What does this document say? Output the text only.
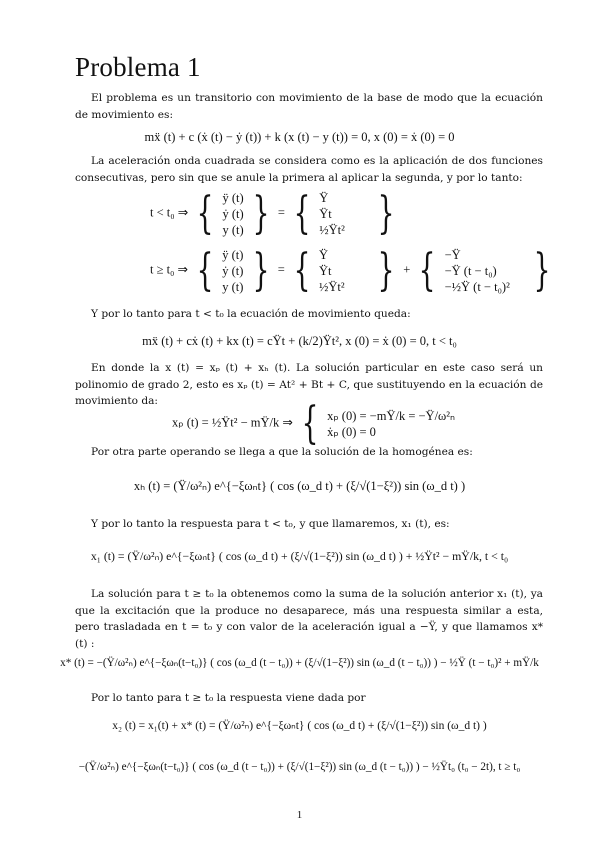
Problema 1

El problema es un transitorio con movimiento de la base de modo que la ecuación de movimiento es:

mẍ (t) + c (ẋ (t) − ẏ (t)) + k (x (t) − y (t)) = 0, x (0) = ẋ (0) = 0

La aceleración onda cuadrada se considera como es la aplicación de dos funciones consecutivas, pero sin que se anule la primera al aplicar la segunda, y por lo tanto:

t < t₀ ⇒ { ÿ (t)
ẏ (t)
y (t) } = { Ÿ
Ÿt
½Ÿt² }
t ≥ t₀ ⇒ { ÿ (t)
ẏ (t)
y (t) } = { Ÿ
Ÿt
½Ÿt² } + { −Ÿ
−Ÿ (t − t₀)
−½Ÿ (t − t₀)² }

Y por lo tanto para t < t₀ la ecuación de movimiento queda:

mẍ (t) + cẋ (t) + kx (t) = cŸt + (k/2)Ÿt², x (0) = ẋ (0) = 0, t < t₀

En donde la x (t) = xₚ (t) + xₕ (t). La solución particular en este caso será un polinomio de grado 2, esto es xₚ (t) = At² + Bt + C, que sustituyendo en la ecuación de movimiento da:

xₚ (t) = ½Ÿt² − mŸ/k ⇒ { xₚ (0) = −mŸ/k = −Ÿ/ω²ₙ
ẋₚ (0) = 0

Por otra parte operando se llega a que la solución de la homogénea es:

xₕ (t) = (Ÿ/ω²ₙ) e^{−ξωₙt} ( cos (ω_d t) + (ξ/√(1−ξ²)) sin (ω_d t) )

Y por lo tanto la respuesta para t < t₀, y que llamaremos, x₁ (t), es:

x₁ (t) = (Ÿ/ω²ₙ) e^{−ξωₙt} ( cos (ω_d t) + (ξ/√(1−ξ²)) sin (ω_d t) ) + ½Ÿt² − mŸ/k, t < t₀

La solución para t ≥ t₀ la obtenemos como la suma de la solución anterior x₁ (t), ya que la excitación que la produce no desaparece, más una respuesta similar a esta, pero trasladada en t = t₀ y con valor de la aceleración igual a −Ÿ, y que llamamos x* (t) :

x* (t) = −(Ÿ/ω²ₙ) e^{−ξωₙ(t−t₀)} ( cos (ω_d (t − t₀)) + (ξ/√(1−ξ²)) sin (ω_d (t − t₀)) ) − ½Ÿ (t − t₀)² + mŸ/k

Por lo tanto para t ≥ t₀ la respuesta viene dada por

x₂ (t) = x₁(t) + x* (t) = (Ÿ/ω²ₙ) e^{−ξωₙt} ( cos (ω_d t) + (ξ/√(1−ξ²)) sin (ω_d t) )
−(Ÿ/ω²ₙ) e^{−ξωₙ(t−t₀)} ( cos (ω_d (t − t₀)) + (ξ/√(1−ξ²)) sin (ω_d (t − t₀)) ) − ½Ÿt₀ (t₀ − 2t), t ≥ t₀
1
